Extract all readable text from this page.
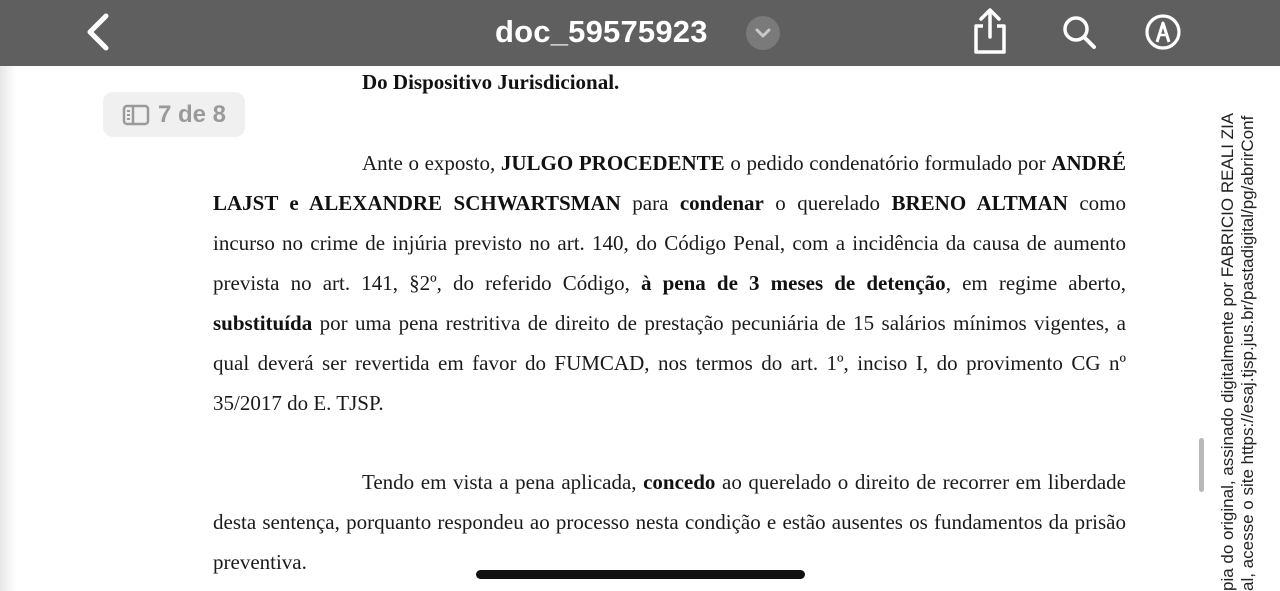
doc_59575923
7 de 8
Do Dispositivo Jurisdicional.

Ante o exposto, JULGO PROCEDENTE o pedido condenatório formulado por ANDRÉ LAJST e ALEXANDRE SCHWARTSMAN para condenar o querelado BRENO ALTMAN como incurso no crime de injúria previsto no art. 140, do Código Penal, com a incidência da causa de aumento prevista no art. 141, §2º, do referido Código, à pena de 3 meses de detenção, em regime aberto, substituída por uma pena restritiva de direito de prestação pecuniária de 15 salários mínimos vigentes, a qual deverá ser revertida em favor do FUMCAD, nos termos do art. 1º, inciso I, do provimento CG nº 35/2017 do E. TJSP.

Tendo em vista a pena aplicada, concedo ao querelado o direito de recorrer em liberdade desta sentença, porquanto respondeu ao processo nesta condição e estão ausentes os fundamentos da prisão preventiva.	pia do original, assinado digitalmente por FABRICIO REALI ZIA al, acesse o site https://esaj.tjsp.jus.br/pastadigital/pg/abrirConf
